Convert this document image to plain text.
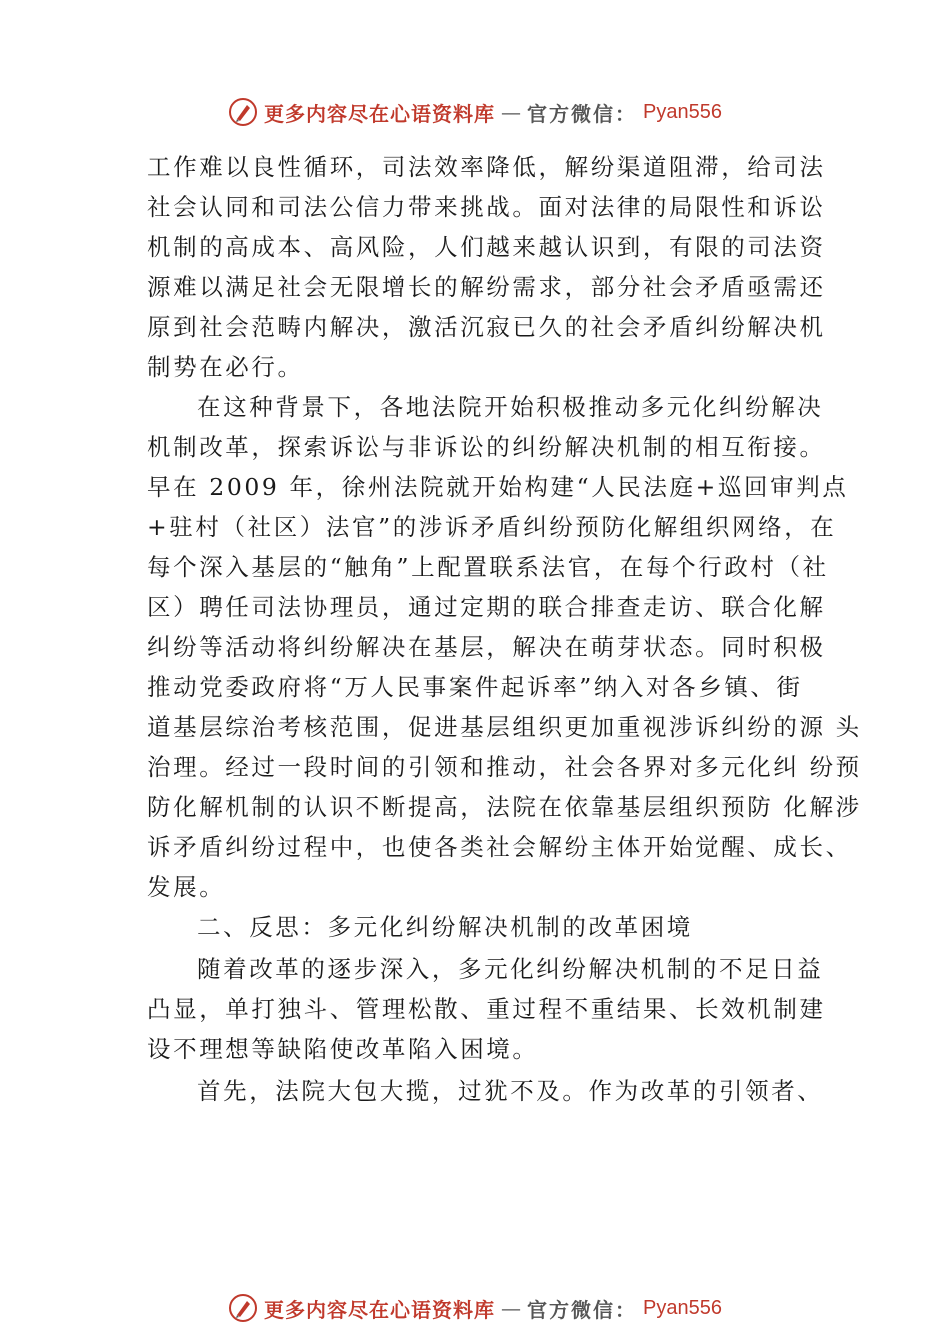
更多内容尽在心语资料库 — 官方微信： Pyan556
工作难以良性循环，司法效率降低，解纷渠道阻滞，给司法
社会认同和司法公信力带来挑战。面对法律的局限性和诉讼
机制的高成本、高风险，人们越来越认识到，有限的司法资
源难以满足社会无限增长的解纷需求，部分社会矛盾亟需还
原到社会范畴内解决，激活沉寂已久的社会矛盾纠纷解决机
制势在必行。
在这种背景下，各地法院开始积极推动多元化纠纷解决
机制改革，探索诉讼与非诉讼的纠纷解决机制的相互衔接。
早在 2009 年，徐州法院就开始构建“人民法庭+巡回审判点
+驻村（社区）法官”的涉诉矛盾纠纷预防化解组织网络，在
每个深入基层的“触角”上配置联系法官，在每个行政村（社
区）聘任司法协理员，通过定期的联合排查走访、联合化解
纠纷等活动将纠纷解决在基层，解决在萌芽状态。同时积极
推动党委政府将“万人民事案件起诉率”纳入对各乡镇、街
道基层综治考核范围，促进基层组织更加重视涉诉纠纷的源 头
治理。经过一段时间的引领和推动，社会各界对多元化纠 纷预
防化解机制的认识不断提高，法院在依靠基层组织预防 化解涉
诉矛盾纠纷过程中，也使各类社会解纷主体开始觉醒、成长、
发展。
二、反思：多元化纠纷解决机制的改革困境
随着改革的逐步深入，多元化纠纷解决机制的不足日益
凸显，单打独斗、管理松散、重过程不重结果、长效机制建
设不理想等缺陷使改革陷入困境。
首先，法院大包大揽，过犹不及。作为改革的引领者、
更多内容尽在心语资料库 — 官方微信： Pyan556
